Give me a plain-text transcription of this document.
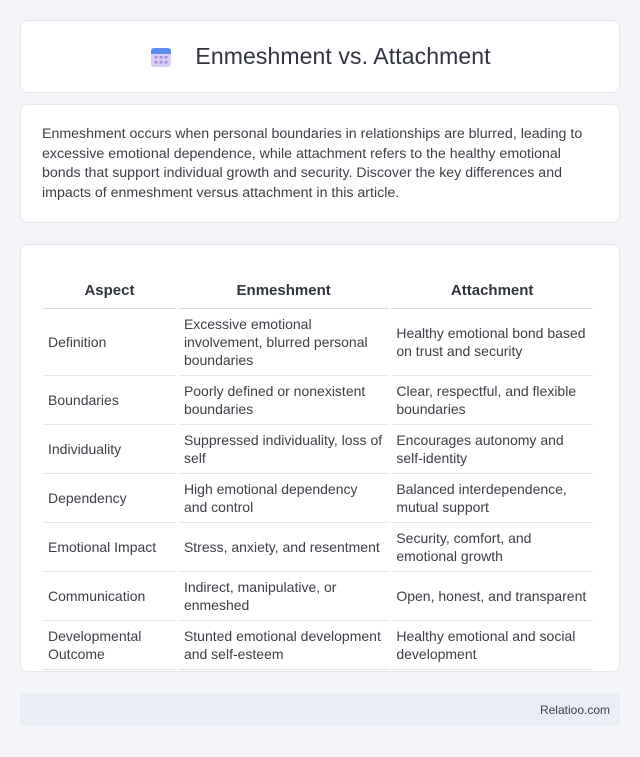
Enmeshment vs. Attachment

Enmeshment occurs when personal boundaries in relationships are blurred, leading to excessive emotional dependence, while attachment refers to the healthy emotional bonds that support individual growth and security. Discover the key differences and impacts of enmeshment versus attachment in this article.

Aspect	Enmeshment	Attachment
Definition	Excessive emotional involvement, blurred personal boundaries	Healthy emotional bond based on trust and security
Boundaries	Poorly defined or nonexistent boundaries	Clear, respectful, and flexible boundaries
Individuality	Suppressed individuality, loss of self	Encourages autonomy and self-identity
Dependency	High emotional dependency and control	Balanced interdependence, mutual support
Emotional Impact	Stress, anxiety, and resentment	Security, comfort, and emotional growth
Communication	Indirect, manipulative, or enmeshed	Open, honest, and transparent
Developmental Outcome	Stunted emotional development and self-esteem	Healthy emotional and social development
Relatioo.com
